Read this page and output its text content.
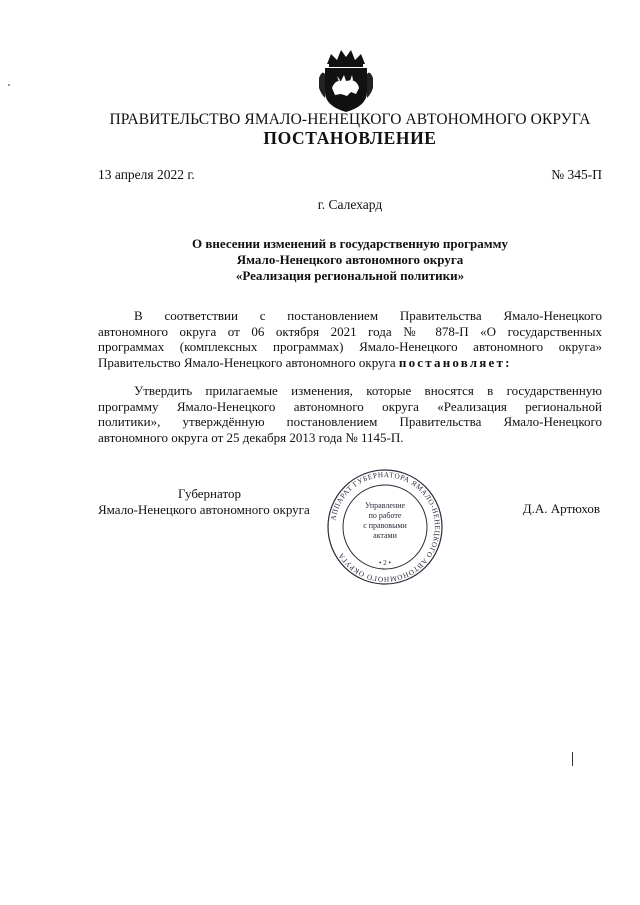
ПРАВИТЕЛЬСТВО ЯМАЛО-НЕНЕЦКОГО АВТОНОМНОГО ОКРУГА
ПОСТАНОВЛЕНИЕ
13 апреля 2022 г.	№ 345-П
г. Салехард
О внесении изменений в государственную программу
Ямало-Ненецкого автономного округа
«Реализация региональной политики»
В соответствии с постановлением Правительства Ямало-Ненецкого
автономного округа от 06 октября 2021 года № 878-П «О государственных
программах (комплексных программах) Ямало-Ненецкого автономного округа»
Правительство Ямало-Ненецкого автономного округа постановляет:
Утвердить прилагаемые изменения, которые вносятся в государственную
программу Ямало-Ненецкого автономного округа «Реализация региональной
политики», утверждённую постановлением Правительства Ямало-Ненецкого
автономного округа от 25 декабря 2013 года № 1145-П.
Губернатор
Ямало-Ненецкого автономного округа	Д.А. Артюхов
АППАРАТ ГУБЕРНАТОРА ЯМАЛО-НЕНЕЦКОГО АВТОНОМНОГО ОКРУГА
Управление
по работе
с правовыми
актами
• 2 •
